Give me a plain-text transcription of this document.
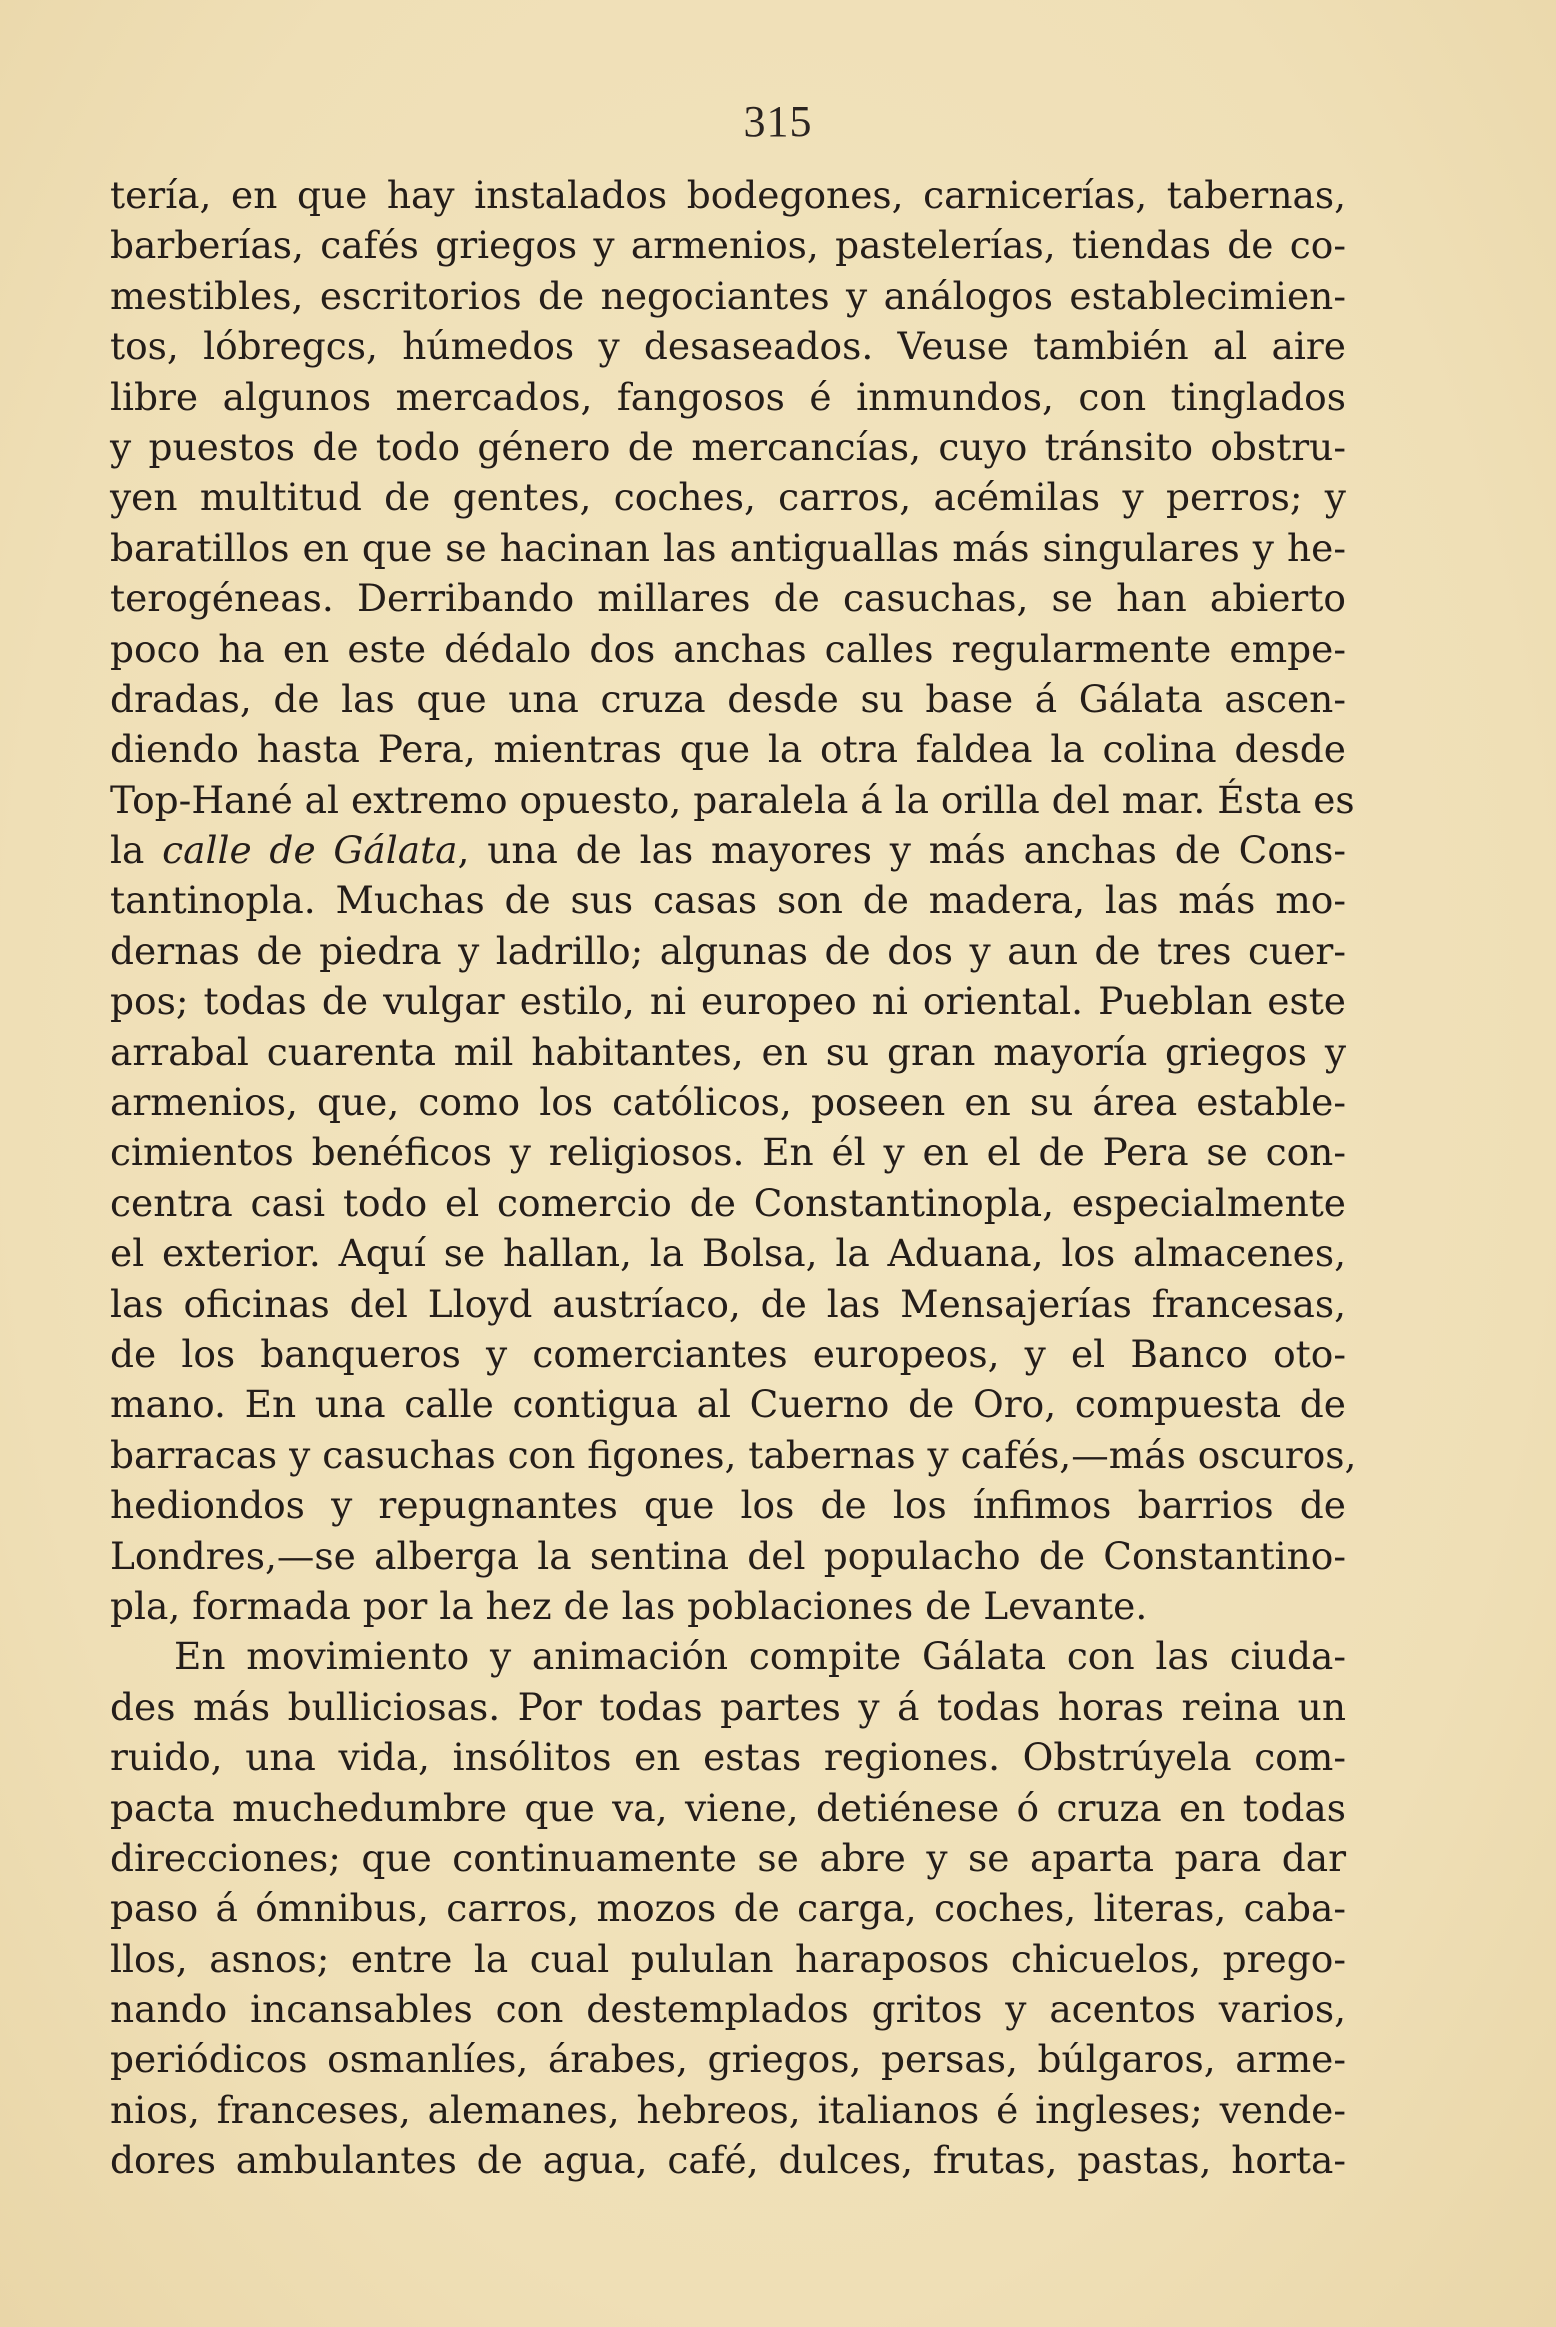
315
tería, en que hay instalados bodegones, carnicerías, tabernas,
barberías, cafés griegos y armenios, pastelerías, tiendas de co-
mestibles, escritorios de negociantes y análogos establecimien-
tos, lóbregcs, húmedos y desaseados. Veuse también al aire
libre algunos mercados, fangosos é inmundos, con tinglados
y puestos de todo género de mercancías, cuyo tránsito obstru-
yen multitud de gentes, coches, carros, acémilas y perros; y
baratillos en que se hacinan las antiguallas más singulares y he-
terogéneas. Derribando millares de casuchas, se han abierto
poco ha en este dédalo dos anchas calles regularmente empe-
dradas, de las que una cruza desde su base á Gálata ascen-
diendo hasta Pera, mientras que la otra faldea la colina desde
Top-Hané al extremo opuesto, paralela á la orilla del mar. Ésta es
la calle de Gálata, una de las mayores y más anchas de Cons-
tantinopla. Muchas de sus casas son de madera, las más mo-
dernas de piedra y ladrillo; algunas de dos y aun de tres cuer-
pos; todas de vulgar estilo, ni europeo ni oriental. Pueblan este
arrabal cuarenta mil habitantes, en su gran mayoría griegos y
armenios, que, como los católicos, poseen en su área estable-
cimientos benéficos y religiosos. En él y en el de Pera se con-
centra casi todo el comercio de Constantinopla, especialmente
el exterior. Aquí se hallan, la Bolsa, la Aduana, los almacenes,
las oficinas del Lloyd austríaco, de las Mensajerías francesas,
de los banqueros y comerciantes europeos, y el Banco oto-
mano. En una calle contigua al Cuerno de Oro, compuesta de
barracas y casuchas con figones, tabernas y cafés,—más oscuros,
hediondos y repugnantes que los de los ínfimos barrios de
Londres,—se alberga la sentina del populacho de Constantino-
pla, formada por la hez de las poblaciones de Levante.
En movimiento y animación compite Gálata con las ciuda-
des más bulliciosas. Por todas partes y á todas horas reina un
ruido, una vida, insólitos en estas regiones. Obstrúyela com-
pacta muchedumbre que va, viene, detiénese ó cruza en todas
direcciones; que continuamente se abre y se aparta para dar
paso á ómnibus, carros, mozos de carga, coches, literas, caba-
llos, asnos; entre la cual pululan haraposos chicuelos, prego-
nando incansables con destemplados gritos y acentos varios,
periódicos osmanlíes, árabes, griegos, persas, búlgaros, arme-
nios, franceses, alemanes, hebreos, italianos é ingleses; vende-
dores ambulantes de agua, café, dulces, frutas, pastas, horta-
